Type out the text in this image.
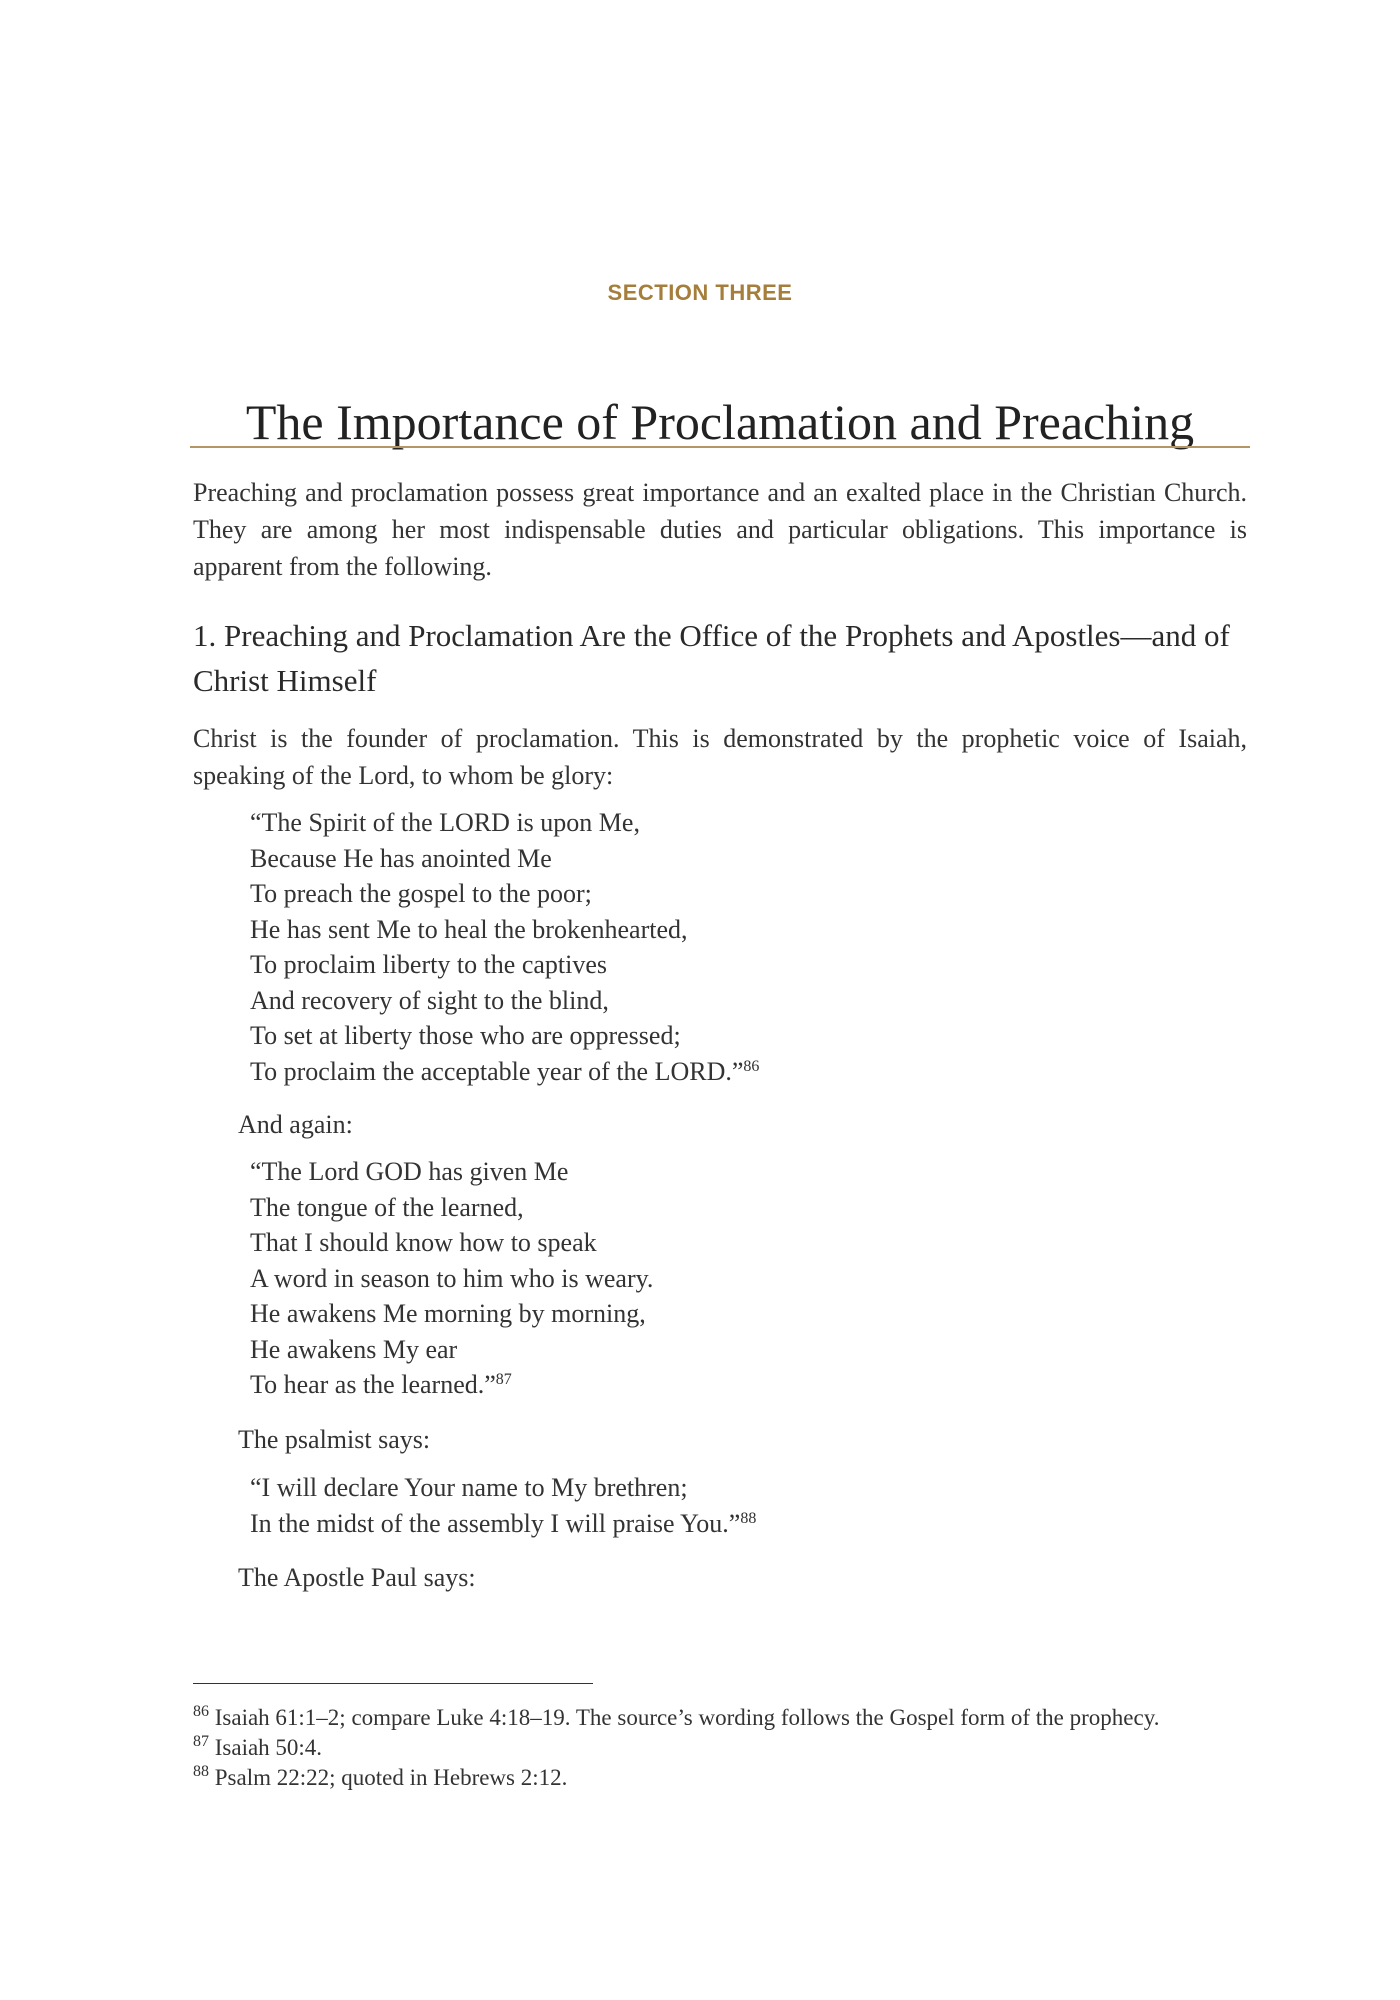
SECTION THREE
The Importance of Proclamation and Preaching

Preaching and proclamation possess great importance and an exalted place in the Christian Church. They are among her most indispensable duties and particular obligations. This importance is apparent from the following.

1. Preaching and Proclamation Are the Office of the Prophets and Apostles—and of Christ Himself

Christ is the founder of proclamation. This is demonstrated by the prophetic voice of Isaiah, speaking of the Lord, to whom be glory:

“The Spirit of the LORD is upon Me,
Because He has anointed Me
To preach the gospel to the poor;
He has sent Me to heal the brokenhearted,
To proclaim liberty to the captives
And recovery of sight to the blind,
To set at liberty those who are oppressed;
To proclaim the acceptable year of the LORD.”$^{86}$
And again:
“The Lord GOD has given Me
The tongue of the learned,
That I should know how to speak
A word in season to him who is weary.
He awakens Me morning by morning,
He awakens My ear
To hear as the learned.”$^{87}$
The psalmist says:
“I will declare Your name to My brethren;
In the midst of the assembly I will praise You.”$^{88}$
The Apostle Paul says:
$^{86}$ Isaiah 61:1–2; compare Luke 4:18–19. The source’s wording follows the Gospel form of the prophecy.
$^{87}$ Isaiah 50:4.
$^{88}$ Psalm 22:22; quoted in Hebrews 2:12.
